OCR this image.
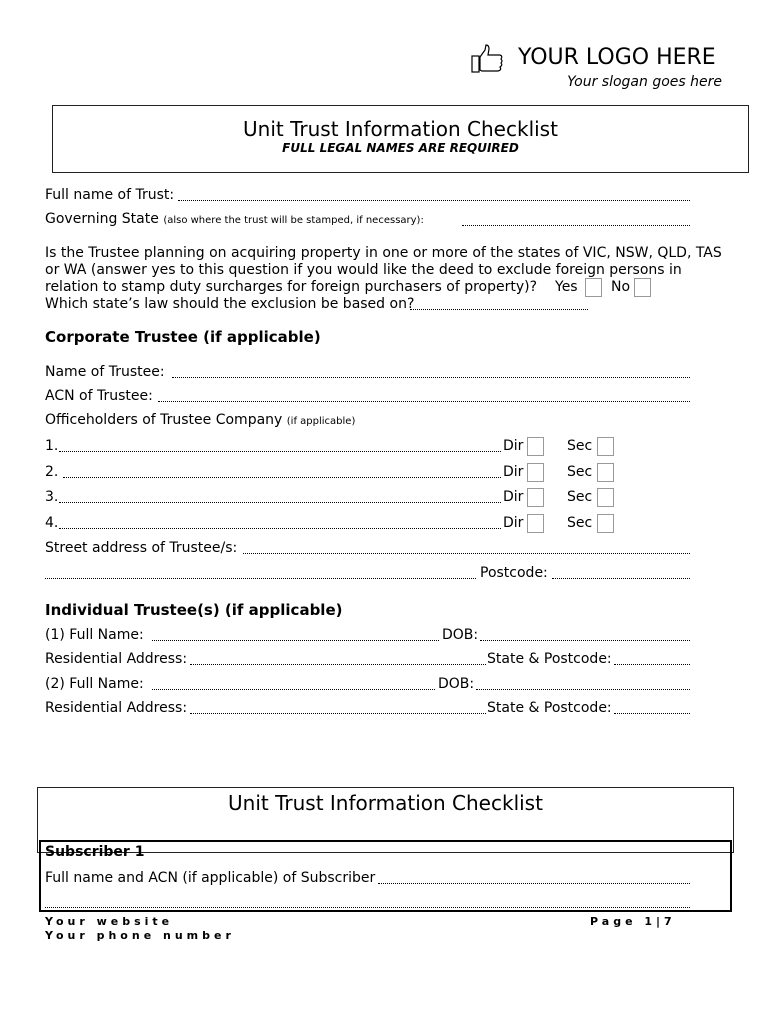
YOUR LOGO HERE
Your slogan goes here
Unit Trust Information Checklist
FULL LEGAL NAMES ARE REQUIRED
Full name of Trust:
Governing State (also where the trust will be stamped, if necessary):
Is the Trustee planning on acquiring property in one or more of the states of VIC, NSW, QLD, TAS
or WA (answer yes to this question if you would like the deed to exclude foreign persons in
relation to stamp duty surcharges for foreign purchasers of property)? Yes No
Which state’s law should the exclusion be based on?
Corporate Trustee (if applicable)
Name of Trustee:
ACN of Trustee:
Officeholders of Trustee Company (if applicable)
1.	Dir	Sec
2.	Dir	Sec
3.	Dir	Sec
4.	Dir	Sec
Street address of Trustee/s:
Postcode:
Individual Trustee(s) (if applicable)
(1) Full Name:	DOB:
Residential Address:	State & Postcode:
(2) Full Name:	DOB:
Residential Address:	State & Postcode:
Unit Trust Information Checklist
Subscriber 1
Full name and ACN (if applicable) of Subscriber
Your website
Your phone number
Page 1|7
